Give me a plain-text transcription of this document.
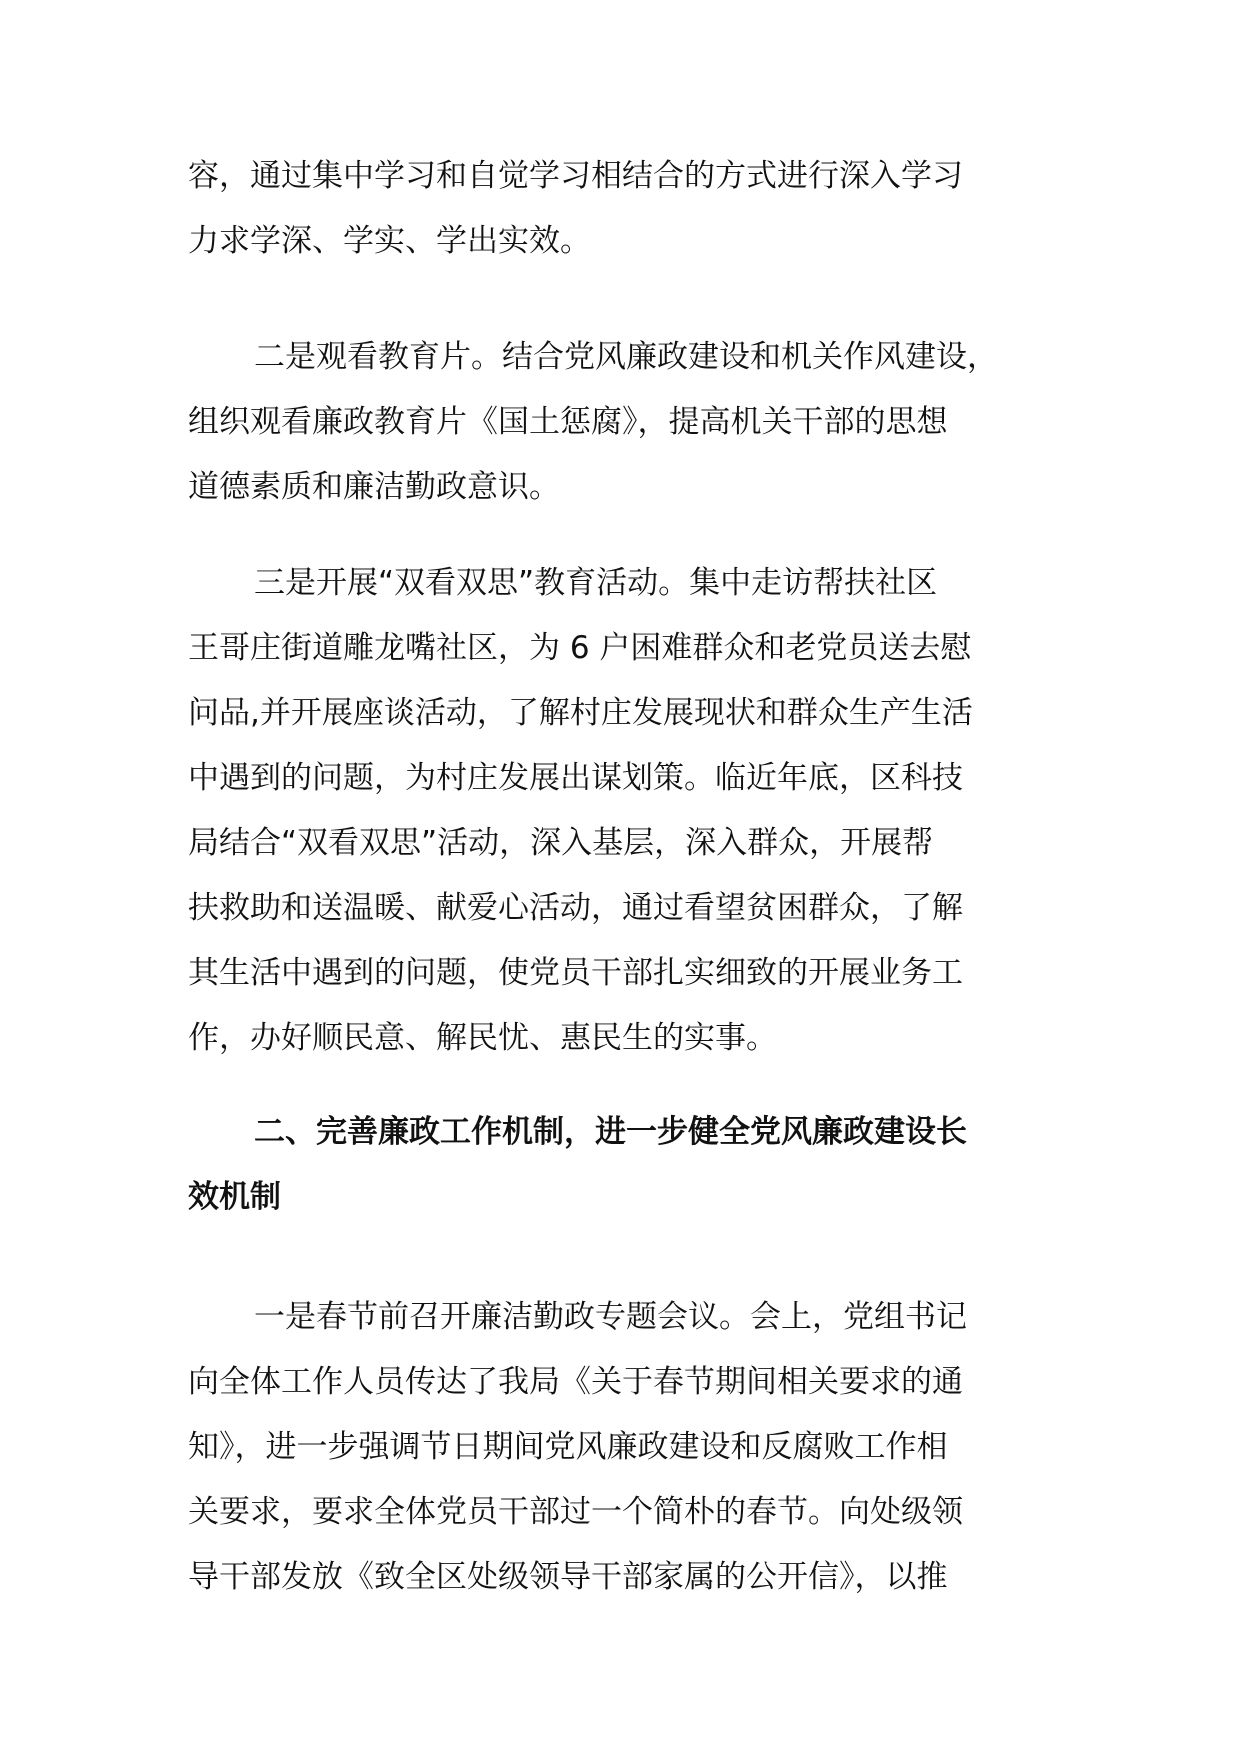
容，通过集中学习和自觉学习相结合的方式进行深入学习
力求学深、学实、学出实效。
二是观看教育片。结合党风廉政建设和机关作风建设，
组织观看廉政教育片《国土惩腐》，提高机关干部的思想
道德素质和廉洁勤政意识。
三是开展“双看双思”教育活动。集中走访帮扶社区
王哥庄街道雕龙嘴社区，为 6 户困难群众和老党员送去慰
问品,并开展座谈活动，了解村庄发展现状和群众生产生活
中遇到的问题，为村庄发展出谋划策。临近年底，区科技
局结合“双看双思”活动，深入基层，深入群众，开展帮
扶救助和送温暖、献爱心活动，通过看望贫困群众，了解
其生活中遇到的问题，使党员干部扎实细致的开展业务工
作，办好顺民意、解民忧、惠民生的实事。
二、完善廉政工作机制，进一步健全党风廉政建设长
效机制
一是春节前召开廉洁勤政专题会议。会上，党组书记
向全体工作人员传达了我局《关于春节期间相关要求的通
知》，进一步强调节日期间党风廉政建设和反腐败工作相
关要求，要求全体党员干部过一个简朴的春节。向处级领
导干部发放《致全区处级领导干部家属的公开信》，以推
